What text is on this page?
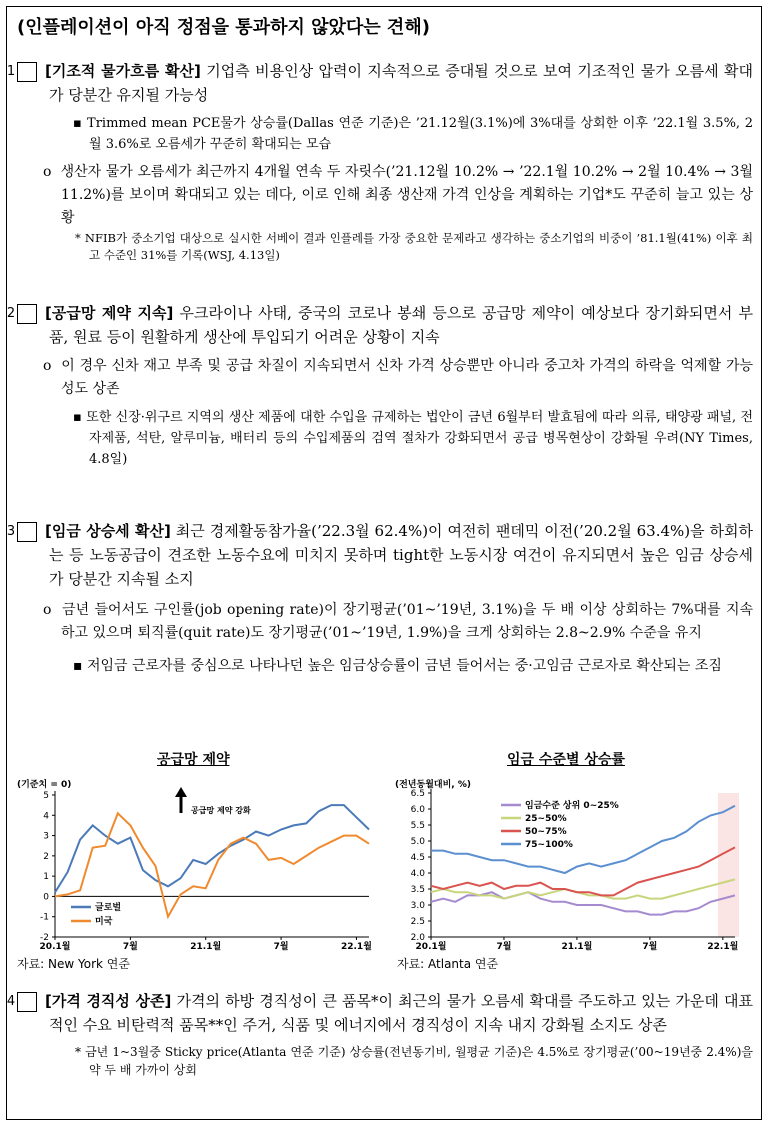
(인플레이션이 아직 정점을 통과하지 않았다는 견해)
1 [기조적 물가흐름 확산] 기업측 비용인상 압력이 지속적으로 증대될 것으로 보여 기조적인 물가 오름세 확대가 당분간 유지될 가능성
▪ Trimmed mean PCE물가 상승률(Dallas 연준 기준)은 ’21.12월(3.1%)에 3%대를 상회한 이후 ’22.1월 3.5%, 2월 3.6%로 오름세가 꾸준히 확대되는 모습
o 생산자 물가 오름세가 최근까지 4개월 연속 두 자릿수(’21.12월 10.2% → ’22.1월 10.2% → 2월 10.4% → 3월 11.2%)를 보이며 확대되고 있는 데다, 이로 인해 최종 생산재 가격 인상을 계획하는 기업*도 꾸준히 늘고 있는 상황
* NFIB가 중소기업 대상으로 실시한 서베이 결과 인플레를 가장 중요한 문제라고 생각하는 중소기업의 비중이 ’81.1월(41%) 이후 최고 수준인 31%를 기록(WSJ, 4.13일)
2 [공급망 제약 지속] 우크라이나 사태, 중국의 코로나 봉쇄 등으로 공급망 제약이 예상보다 장기화되면서 부품, 원료 등이 원활하게 생산에 투입되기 어려운 상황이 지속
o 이 경우 신차 재고 부족 및 공급 차질이 지속되면서 신차 가격 상승뿐만 아니라 중고차 가격의 하락을 억제할 가능성도 상존
▪ 또한 신장·위구르 지역의 생산 제품에 대한 수입을 규제하는 법안이 금년 6월부터 발효됨에 따라 의류, 태양광 패널, 전자제품, 석탄, 알루미늄, 배터리 등의 수입제품의 검역 절차가 강화되면서 공급 병목현상이 강화될 우려(NY Times, 4.8일)
3 [임금 상승세 확산] 최근 경제활동참가율(’22.3월 62.4%)이 여전히 팬데믹 이전(’20.2월 63.4%)을 하회하는 등 노동공급이 견조한 노동수요에 미치지 못하며 tight한 노동시장 여건이 유지되면서 높은 임금 상승세가 당분간 지속될 소지
o 금년 들어서도 구인률(job opening rate)이 장기평균(’01~’19년, 3.1%)을 두 배 이상 상회하는 7%대를 지속하고 있으며 퇴직률(quit rate)도 장기평균(’01~’19년, 1.9%)을 크게 상회하는 2.8~2.9% 수준을 유지
▪ 저임금 근로자를 중심으로 나타나던 높은 임금상승률이 금년 들어서는 중·고임금 근로자로 확산되는 조짐
공급망 제약
(기준치 = 0)
5
4
3
2
1
0
-1
-2
20.1월	7월	21.1월	7월	22.1월
글로벌
미국
공급망 제약 강화
자료: New York 연준
임금 수준별 상승률
(전년동월대비, %)
6.5
6.0
5.5
5.0
4.5
4.0
3.5
3.0
2.5
2.0
20.1월	7월	21.1월	7월	22.1월
임금수준 상위 0~25%
25~50%
50~75%
75~100%
자료: Atlanta 연준
4 [가격 경직성 상존] 가격의 하방 경직성이 큰 품목*이 최근의 물가 오름세 확대를 주도하고 있는 가운데 대표적인 수요 비탄력적 품목**인 주거, 식품 및 에너지에서 경직성이 지속 내지 강화될 소지도 상존
* 금년 1~3월중 Sticky price(Atlanta 연준 기준) 상승률(전년동기비, 월평균 기준)은 4.5%로 장기평균(’00~19년중 2.4%)을 약 두 배 가까이 상회
